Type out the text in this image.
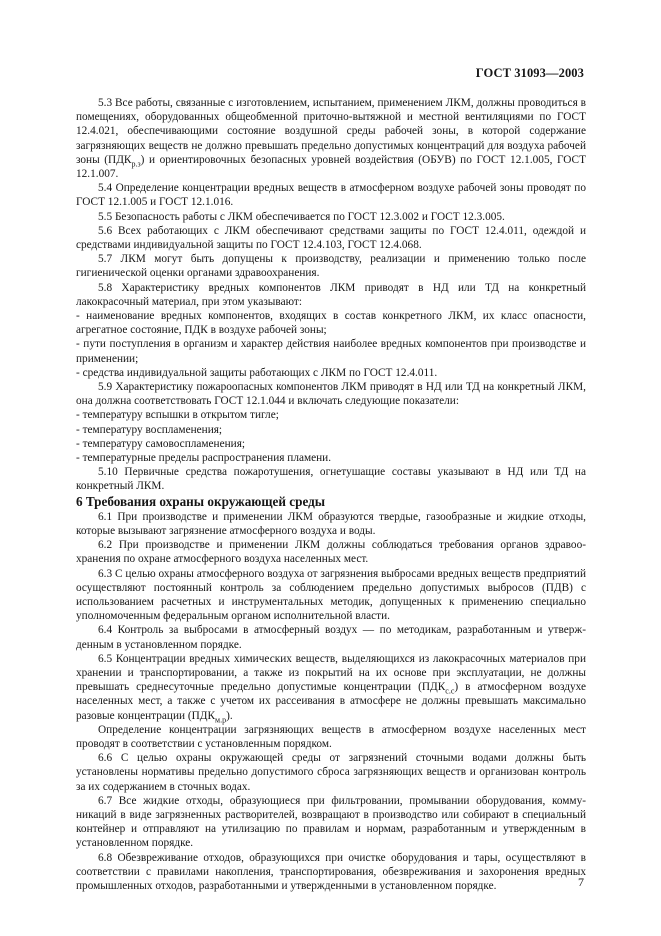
ГОСТ 31093—2003

5.3 Все работы, связанные с изготовлением, испытанием, применением ЛКМ, должны проводиться в помещениях, оборудованных общеобменной приточно-вытяжной и местной вентиляциями по ГОСТ 12.4.021, обеспечивающими состояние воздушной среды рабочей зоны, в которой содержание загрязняющих веществ не должно превышать предельно допустимых концентраций для воздуха рабочей зоны $(ПДК_{р.з})$ и ориентировочных безопасных уровней воздействия (ОБУВ) по ГОСТ 12.1.005, ГОСТ 12.1.007.

5.4 Определение концентрации вредных веществ в атмосферном воздухе рабочей зоны проводят по ГОСТ 12.1.005 и ГОСТ 12.1.016.

5.5 Безопасность работы с ЛКМ обеспечивается по ГОСТ 12.3.002 и ГОСТ 12.3.005.

5.6 Всех работающих с ЛКМ обеспечивают средствами защиты по ГОСТ 12.4.011, одеждой и средствами индивидуальной защиты по ГОСТ 12.4.103, ГОСТ 12.4.068.

5.7 ЛКМ могут быть допущены к производству, реализации и применению только после гигиенической оценки органами здравоохранения.

5.8 Характеристику вредных компонентов ЛКМ приводят в НД или ТД на конкретный лакокрасочный материал, при этом указывают:

- наименование вредных компонентов, входящих в состав конкретного ЛКМ, их класс опасности, агрегатное состояние, ПДК в воздухе рабочей зоны;

- пути поступления в организм и характер действия наиболее вредных компонентов при производстве и применении;

- средства индивидуальной защиты работающих с ЛКМ по ГОСТ 12.4.011.

5.9 Характеристику пожароопасных компонентов ЛКМ приводят в НД или ТД на конкретный ЛКМ, она должна соответствовать ГОСТ 12.1.044 и включать следующие показатели:

- температуру вспышки в открытом тигле;

- температуру воспламенения;

- температуру самовоспламенения;

- температурные пределы распространения пламени.

5.10 Первичные средства пожаротушения, огнетушащие составы указывают в НД или ТД на конкретный ЛКМ.

6 Требования охраны окружающей среды

6.1 При производстве и применении ЛКМ образуются твердые, газообразные и жидкие отходы, которые вызывают загрязнение атмосферного воздуха и воды.

6.2 При производстве и применении ЛКМ должны соблюдаться требования органов здравоохранения по охране атмосферного воздуха населенных мест.

6.3 С целью охраны атмосферного воздуха от загрязнения выбросами вредных веществ предприятий осуществляют постоянный контроль за соблюдением предельно допустимых выбросов (ПДВ) с использованием расчетных и инструментальных методик, допущенных к применению специально уполномоченным федеральным органом исполнительной власти.

6.4 Контроль за выбросами в атмосферный воздух — по методикам, разработанным и утвержденным в установленном порядке.

6.5 Концентрации вредных химических веществ, выделяющихся из лакокрасочных материалов при хранении и транспортировании, а также из покрытий на их основе при эксплуатации, не должны превышать среднесуточные предельно допустимые концентрации $(ПДК_{с.с})$ в атмосферном воздухе населенных мест, а также с учетом их рассеивания в атмосфере не должны превышать максимально разовые концентрации $(ПДК_{м.р})$.

Определение концентрации загрязняющих веществ в атмосферном воздухе населенных мест проводят в соответствии с установленным порядком.

6.6 С целью охраны окружающей среды от загрязнений сточными водами должны быть установлены нормативы предельно допустимого сброса загрязняющих веществ и организован контроль за их содержанием в сточных водах.

6.7 Все жидкие отходы, образующиеся при фильтровании, промывании оборудования, коммуникаций в виде загрязненных растворителей, возвращают в производство или собирают в специальный контейнер и отправляют на утилизацию по правилам и нормам, разработанным и утвержденным в установленном порядке.

6.8 Обезвреживание отходов, образующихся при очистке оборудования и тары, осуществляют в соответствии с правилами накопления, транспортирования, обезвреживания и захоронения вредных промышленных отходов, разработанными и утвержденными в установленном порядке.	7
